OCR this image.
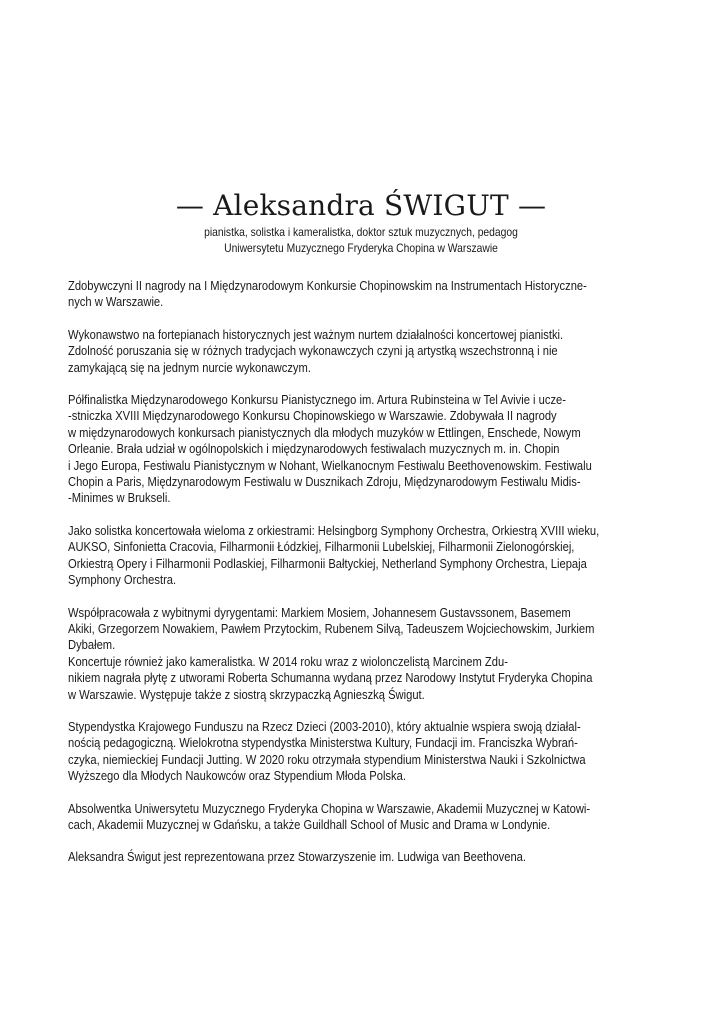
— Aleksandra ŚWIGUT —
pianistka, solistka i kameralistka, doktor sztuk muzycznych, pedagog
Uniwersytetu Muzycznego Fryderyka Chopina w Warszawie
Zdobywczyni II nagrody na I Międzynarodowym Konkursie Chopinowskim na Instrumentach Historyczne-
nych w Warszawie.
Wykonawstwo na fortepianach historycznych jest ważnym nurtem działalności koncertowej pianistki.
Zdolność poruszania się w różnych tradycjach wykonawczych czyni ją artystką wszechstronną i nie
zamykającą się na jednym nurcie wykonawczym.
Półfinalistka Międzynarodowego Konkursu Pianistycznego im. Artura Rubinsteina w Tel Avivie i ucze-
-stniczka XVIII Międzynarodowego Konkursu Chopinowskiego w Warszawie. Zdobywała II nagrody
w międzynarodowych konkursach pianistycznych dla młodych muzyków w Ettlingen, Enschede, Nowym
Orleanie. Brała udział w ogólnopolskich i międzynarodowych festiwalach muzycznych m. in. Chopin
i Jego Europa, Festiwalu Pianistycznym w Nohant, Wielkanocnym Festiwalu Beethovenowskim. Festiwalu
Chopin a Paris, Międzynarodowym Festiwalu w Dusznikach Zdroju, Międzynarodowym Festiwalu Midis-
-Minimes w Brukseli.
Jako solistka koncertowała wieloma z orkiestrami: Helsingborg Symphony Orchestra, Orkiestrą XVIII wieku,
AUKSO, Sinfonietta Cracovia, Filharmonii Łódzkiej, Filharmonii Lubelskiej, Filharmonii Zielonogórskiej,
Orkiestrą Opery i Filharmonii Podlaskiej, Filharmonii Bałtyckiej, Netherland Symphony Orchestra, Liepaja
Symphony Orchestra.
Współpracowała z wybitnymi dyrygentami: Markiem Mosiem, Johannesem Gustavssonem, Basemem
Akiki, Grzegorzem Nowakiem, Pawłem Przytockim, Rubenem Silvą, Tadeuszem Wojciechowskim, Jurkiem
Dybałem.
Koncertuje również jako kameralistka. W 2014 roku wraz z wiolonczelistą Marcinem Zdu-
nikiem nagrała płytę z utworami Roberta Schumanna wydaną przez Narodowy Instytut Fryderyka Chopina
w Warszawie. Występuje także z siostrą skrzypaczką Agnieszką Świgut.
Stypendystka Krajowego Funduszu na Rzecz Dzieci (2003-2010), który aktualnie wspiera swoją działal-
nością pedagogiczną. Wielokrotna stypendystka Ministerstwa Kultury, Fundacji im. Franciszka Wybrań-
czyka, niemieckiej Fundacji Jutting. W 2020 roku otrzymała stypendium Ministerstwa Nauki i Szkolnictwa
Wyższego dla Młodych Naukowców oraz Stypendium Młoda Polska.
Absolwentka Uniwersytetu Muzycznego Fryderyka Chopina w Warszawie, Akademii Muzycznej w Katowi-
cach, Akademii Muzycznej w Gdańsku, a także Guildhall School of Music and Drama w Londynie.
Aleksandra Świgut jest reprezentowana przez Stowarzyszenie im. Ludwiga van Beethovena.
